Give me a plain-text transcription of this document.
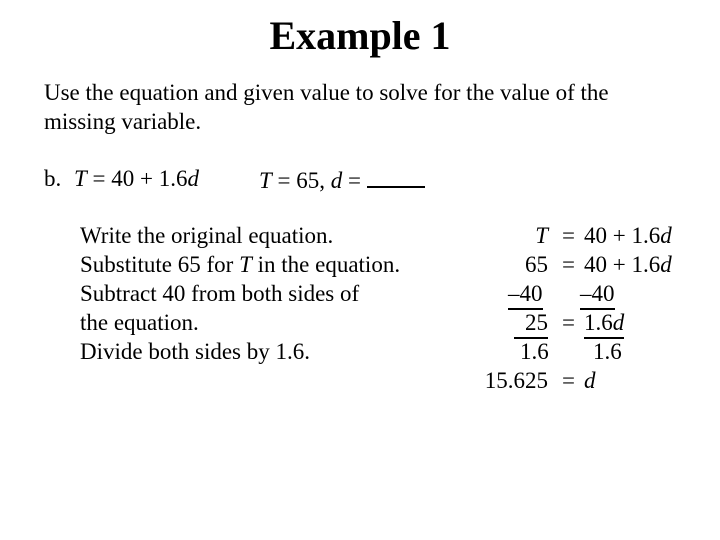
Example 1
Use the equation and given value to solve for the value of the missing variable.
b. T = 40 + 1.6d	T = 65, d =
Write the original equation.
Substitute 65 for T in the equation.
Subtract 40 from both sides of
the equation.
Divide both sides by 1.6.
T = 40 + 1.6d
65 = 40 + 1.6d
–40 –40
25 = 1.6d
1.6 1.6
15.625 = d
